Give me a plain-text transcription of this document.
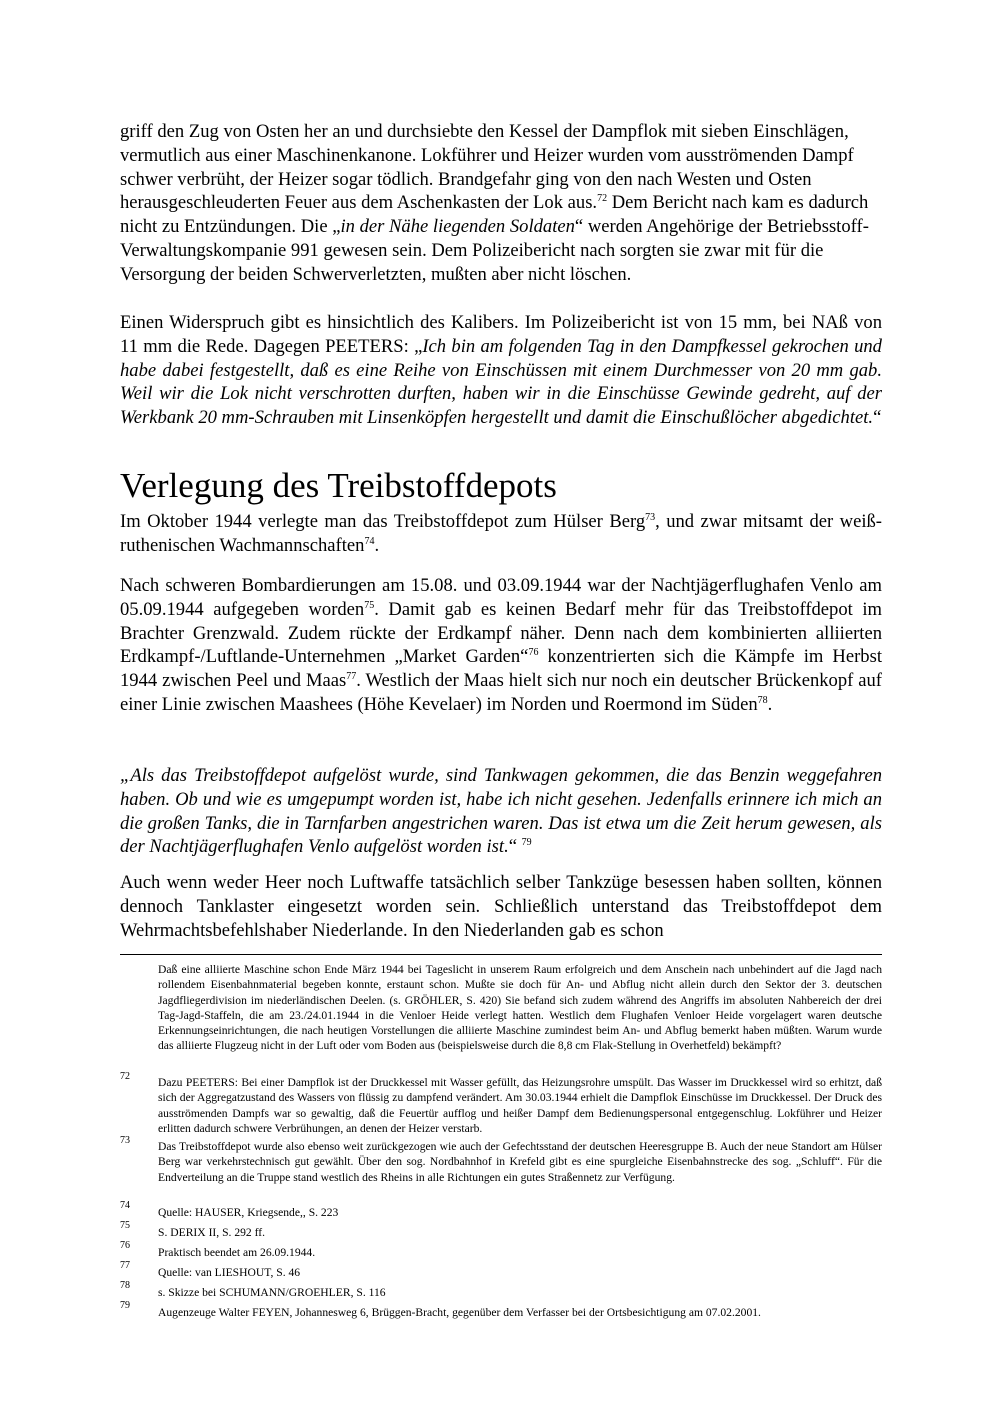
griff den Zug von Osten her an und durchsiebte den Kessel der Dampflok mit sieben Einschlägen, vermutlich aus einer Maschinenkanone. Lokführer und Heizer wurden vom ausströmenden Dampf schwer verbrüht, der Heizer sogar tödlich. Brandgefahr ging von den nach Westen und Osten herausgeschleuderten Feuer aus dem Aschenkasten der Lok aus.$^{72}$ Dem Bericht nach kam es dadurch nicht zu Entzündungen. Die „in der Nähe liegenden Soldaten“ werden Angehörige der Betriebsstoff-Verwaltungskompanie 991 gewesen sein. Dem Polizeibericht nach sorgten sie zwar mit für die Versorgung der beiden Schwerverletzten, mußten aber nicht löschen.

Einen Widerspruch gibt es hinsichtlich des Kalibers. Im Polizeibericht ist von 15 mm, bei NAß von 11 mm die Rede. Dagegen PEETERS: „Ich bin am folgenden Tag in den Dampfkessel gekrochen und habe dabei festgestellt, daß es eine Reihe von Einschüssen mit einem Durchmesser von 20 mm gab. Weil wir die Lok nicht verschrotten durften, haben wir in die Einschüsse Gewinde gedreht, auf der Werkbank 20 mm-Schrauben mit Linsenköpfen hergestellt und damit die Einschußlöcher abgedichtet.“

Verlegung des Treibstoffdepots

Im Oktober 1944 verlegte man das Treibstoffdepot zum Hülser Berg$^{73}$, und zwar mitsamt der weiß-ruthenischen Wachmannschaften$^{74}$.

Nach schweren Bombardierungen am 15.08. und 03.09.1944 war der Nachtjägerflughafen Venlo am 05.09.1944 aufgegeben worden$^{75}$. Damit gab es keinen Bedarf mehr für das Treibstoffdepot im Brachter Grenzwald. Zudem rückte der Erdkampf näher. Denn nach dem kombinierten alliierten Erdkampf-/Luftlande-Unternehmen „Market Garden“$^{76}$ konzentrierten sich die Kämpfe im Herbst 1944 zwischen Peel und Maas$^{77}$. Westlich der Maas hielt sich nur noch ein deutscher Brückenkopf auf einer Linie zwischen Maashees (Höhe Kevelaer) im Norden und Roermond im Süden$^{78}$.

„Als das Treibstoffdepot aufgelöst wurde, sind Tankwagen gekommen, die das Benzin weggefahren haben. Ob und wie es umgepumpt worden ist, habe ich nicht gesehen. Jedenfalls erinnere ich mich an die großen Tanks, die in Tarnfarben angestrichen waren. Das ist etwa um die Zeit herum gewesen, als der Nachtjägerflughafen Venlo aufgelöst worden ist.“ $^{79}$

Auch wenn weder Heer noch Luftwaffe tatsächlich selber Tankzüge besessen haben sollten, können dennoch Tanklaster eingesetzt worden sein. Schließlich unterstand das Treibstoffdepot dem Wehrmachtsbefehlshaber Niederlande. In den Niederlanden gab es schon

Daß eine alliierte Maschine schon Ende März 1944 bei Tageslicht in unserem Raum erfolgreich und dem Anschein nach unbehindert auf die Jagd nach rollendem Eisenbahnmaterial begeben konnte, erstaunt schon. Mußte sie doch für An- und Abflug nicht allein durch den Sektor der 3. deutschen Jagdfliegerdivision im niederländischen Deelen. (s. GRÖHLER, S. 420) Sie befand sich zudem während des Angriffs im absoluten Nahbereich der drei Tag-Jagd-Staffeln, die am 23./24.01.1944 in die Venloer Heide verlegt hatten. Westlich dem Flughafen Venloer Heide vorgelagert waren deutsche Erkennungseinrichtungen, die nach heutigen Vorstellungen die alliierte Maschine zumindest beim An- und Abflug bemerkt haben müßten. Warum wurde das alliierte Flugzeug nicht in der Luft oder vom Boden aus (beispielsweise durch die 8,8 cm Flak-Stellung in Overhetfeld) bekämpft?

72 Dazu PEETERS: Bei einer Dampflok ist der Druckkessel mit Wasser gefüllt, das Heizungsrohre umspült. Das Wasser im Druckkessel wird so erhitzt, daß sich der Aggregatzustand des Wassers von flüssig zu dampfend verändert. Am 30.03.1944 erhielt die Dampflok Einschüsse im Druckkessel. Der Druck des ausströmenden Dampfs war so gewaltig, daß die Feuertür aufflog und heißer Dampf dem Bedienungspersonal entgegenschlug. Lokführer und Heizer erlitten dadurch schwere Verbrühungen, an denen der Heizer verstarb.

73 Das Treibstoffdepot wurde also ebenso weit zurückgezogen wie auch der Gefechtsstand der deutschen Heeresgruppe B. Auch der neue Standort am Hülser Berg war verkehrstechnisch gut gewählt. Über den sog. Nordbahnhof in Krefeld gibt es eine spurgleiche Eisenbahnstrecke des sog. „Schluff“. Für die Endverteilung an die Truppe stand westlich des Rheins in alle Richtungen ein gutes Straßennetz zur Verfügung.

74

Quelle: HAUSER, Kriegsende,, S. 223

75

S. DERIX II, S. 292 ff.

76

Praktisch beendet am 26.09.1944.

77

Quelle: van LIESHOUT, S. 46

78

s. Skizze bei SCHUMANN/GROEHLER, S. 116

79

Augenzeuge Walter FEYEN, Johannesweg 6, Brüggen-Bracht, gegenüber dem Verfasser bei der Ortsbesichtigung am 07.02.2001.
